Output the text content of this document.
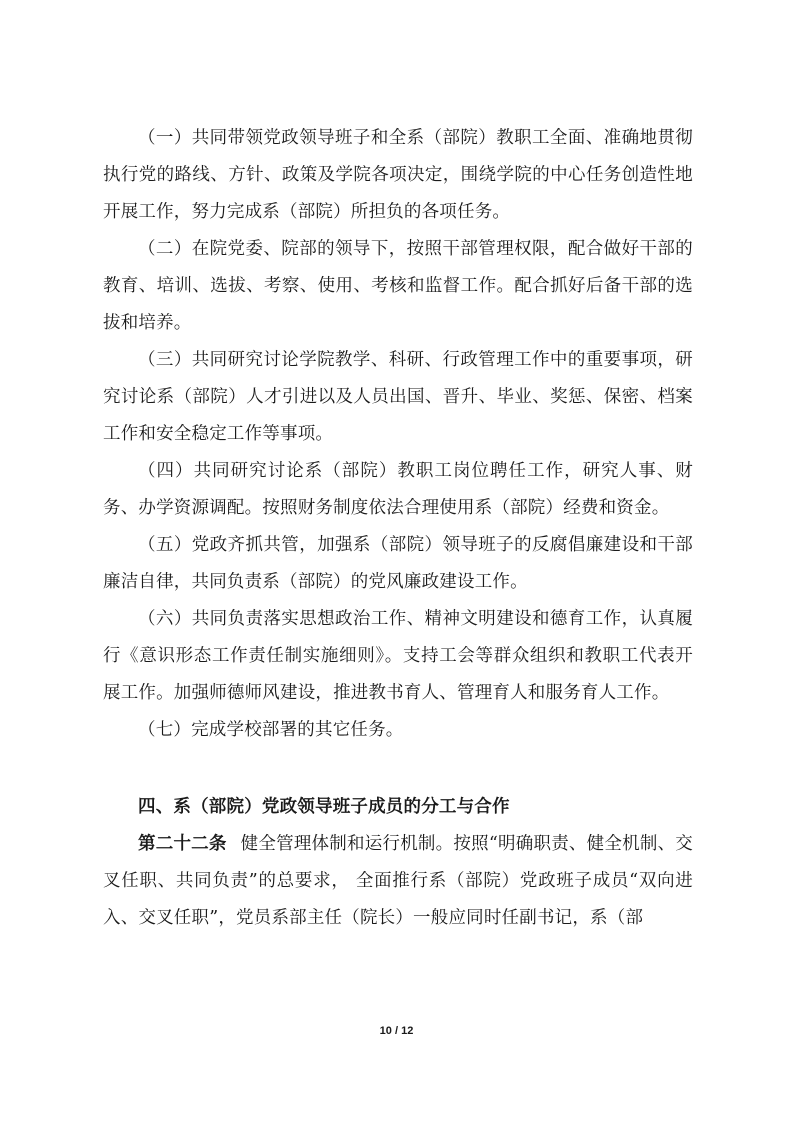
（一）共同带领党政领导班子和全系（部院）教职工全面、准确地贯彻执行党的路线、方针、政策及学院各项决定，围绕学院的中心任务创造性地开展工作，努力完成系（部院）所担负的各项任务。

（二）在院党委、院部的领导下，按照干部管理权限，配合做好干部的教育、培训、选拔、考察、使用、考核和监督工作。配合抓好后备干部的选拔和培养。

（三）共同研究讨论学院教学、科研、行政管理工作中的重要事项，研究讨论系（部院）人才引进以及人员出国、晋升、毕业、奖惩、保密、档案工作和安全稳定工作等事项。

（四）共同研究讨论系（部院）教职工岗位聘任工作，研究人事、财务、办学资源调配。按照财务制度依法合理使用系（部院）经费和资金。

（五）党政齐抓共管，加强系（部院）领导班子的反腐倡廉建设和干部廉洁自律，共同负责系（部院）的党风廉政建设工作。

（六）共同负责落实思想政治工作、精神文明建设和德育工作，认真履行《意识形态工作责任制实施细则》。支持工会等群众组织和教职工代表开展工作。加强师德师风建设，推进教书育人、管理育人和服务育人工作。

（七）完成学校部署的其它任务。

四、系（部院）党政领导班子成员的分工与合作

第二十二条 健全管理体制和运行机制。按照“明确职责、健全机制、交叉任职、共同负责”的总要求， 全面推行系（部院）党政班子成员“双向进入、交叉任职”，党员系部主任（院长）一般应同时任副书记，系（部

10 / 12
